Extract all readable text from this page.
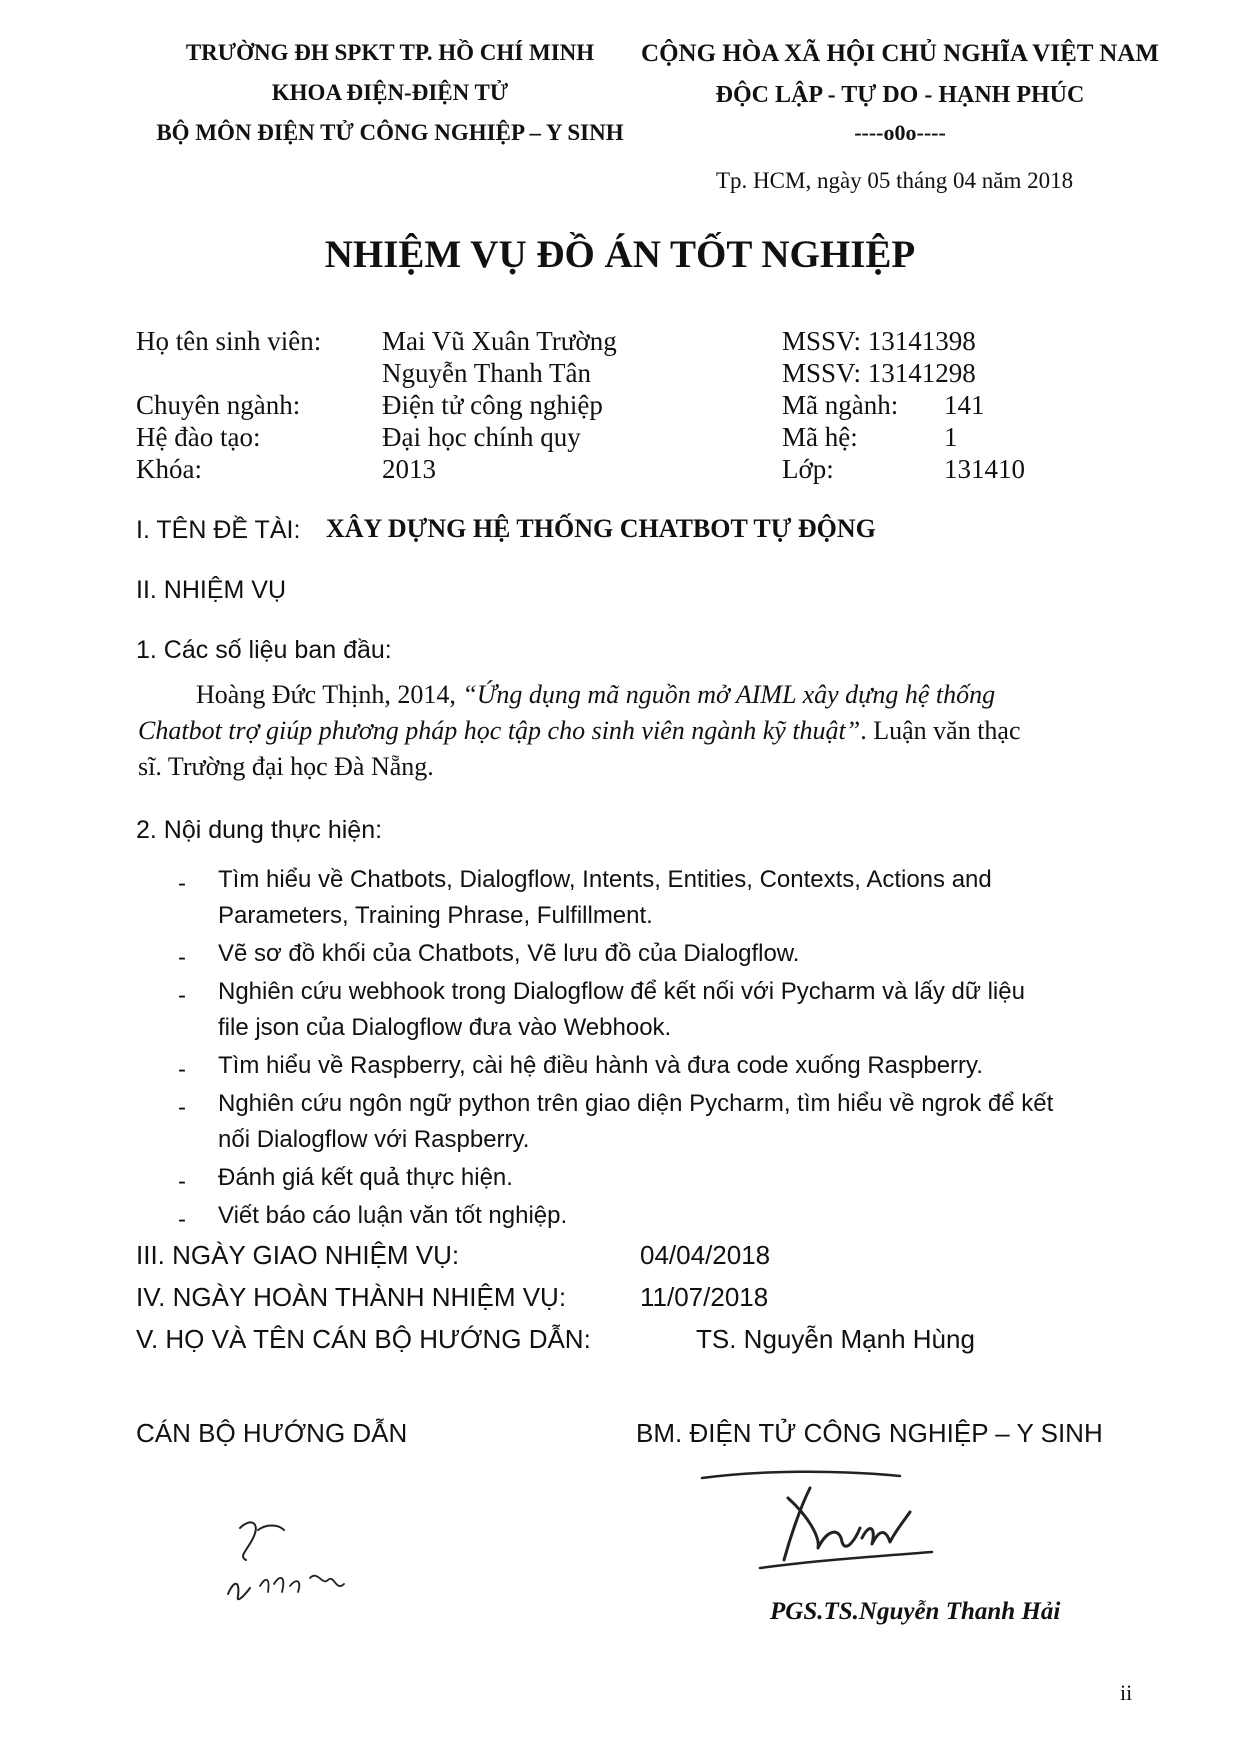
TRƯỜNG ĐH SPKT TP. HỒ CHÍ MINH
KHOA ĐIỆN-ĐIỆN TỬ
BỘ MÔN ĐIỆN TỬ CÔNG NGHIỆP – Y SINH
CỘNG HÒA XÃ HỘI CHỦ NGHĨA VIỆT NAM
ĐỘC LẬP - TỰ DO - HẠNH PHÚC
----o0o----
Tp. HCM, ngày 05 tháng 04 năm 2018
NHIỆM VỤ ĐỒ ÁN TỐT NGHIỆP
Họ tên sinh viên: Mai Vũ Xuân Trường	MSSV: 13141398
Nguyễn Thanh Tân	MSSV: 13141298
Chuyên ngành:	Điện tử công nghiệp	Mã ngành: 141
Hệ đào tạo:	Đại học chính quy	Mã hệ:	1
Khóa:	2013	Lớp:	131410
I. TÊN ĐỀ TÀI: XÂY DỰNG HỆ THỐNG CHATBOT TỰ ĐỘNG
II. NHIỆM VỤ
1. Các số liệu ban đầu:
Hoàng Đức Thịnh, 2014, “Ứng dụng mã nguồn mở AIML xây dựng hệ thống
Chatbot trợ giúp phương pháp học tập cho sinh viên ngành kỹ thuật”. Luận văn thạc
sĩ. Trường đại học Đà Nẵng.
2. Nội dung thực hiện:
- Tìm hiểu về Chatbots, Dialogflow, Intents, Entities, Contexts, Actions and
Parameters, Training Phrase, Fulfillment.
- Vẽ sơ đồ khối của Chatbots, Vẽ lưu đồ của Dialogflow.
- Nghiên cứu webhook trong Dialogflow để kết nối với Pycharm và lấy dữ liệu
file json của Dialogflow đưa vào Webhook.
- Tìm hiểu về Raspberry, cài hệ điều hành và đưa code xuống Raspberry.
- Nghiên cứu ngôn ngữ python trên giao diện Pycharm, tìm hiểu về ngrok để kết
nối Dialogflow với Raspberry.
- Đánh giá kết quả thực hiện.
- Viết báo cáo luận văn tốt nghiệp.
III. NGÀY GIAO NHIỆM VỤ:	04/04/2018
IV. NGÀY HOÀN THÀNH NHIỆM VỤ:	11/07/2018
V. HỌ VÀ TÊN CÁN BỘ HƯỚNG DẪN:	TS. Nguyễn Mạnh Hùng
CÁN BỘ HƯỚNG DẪN	BM. ĐIỆN TỬ CÔNG NGHIỆP – Y SINH
PGS.TS.Nguyễn Thanh Hải
ii
